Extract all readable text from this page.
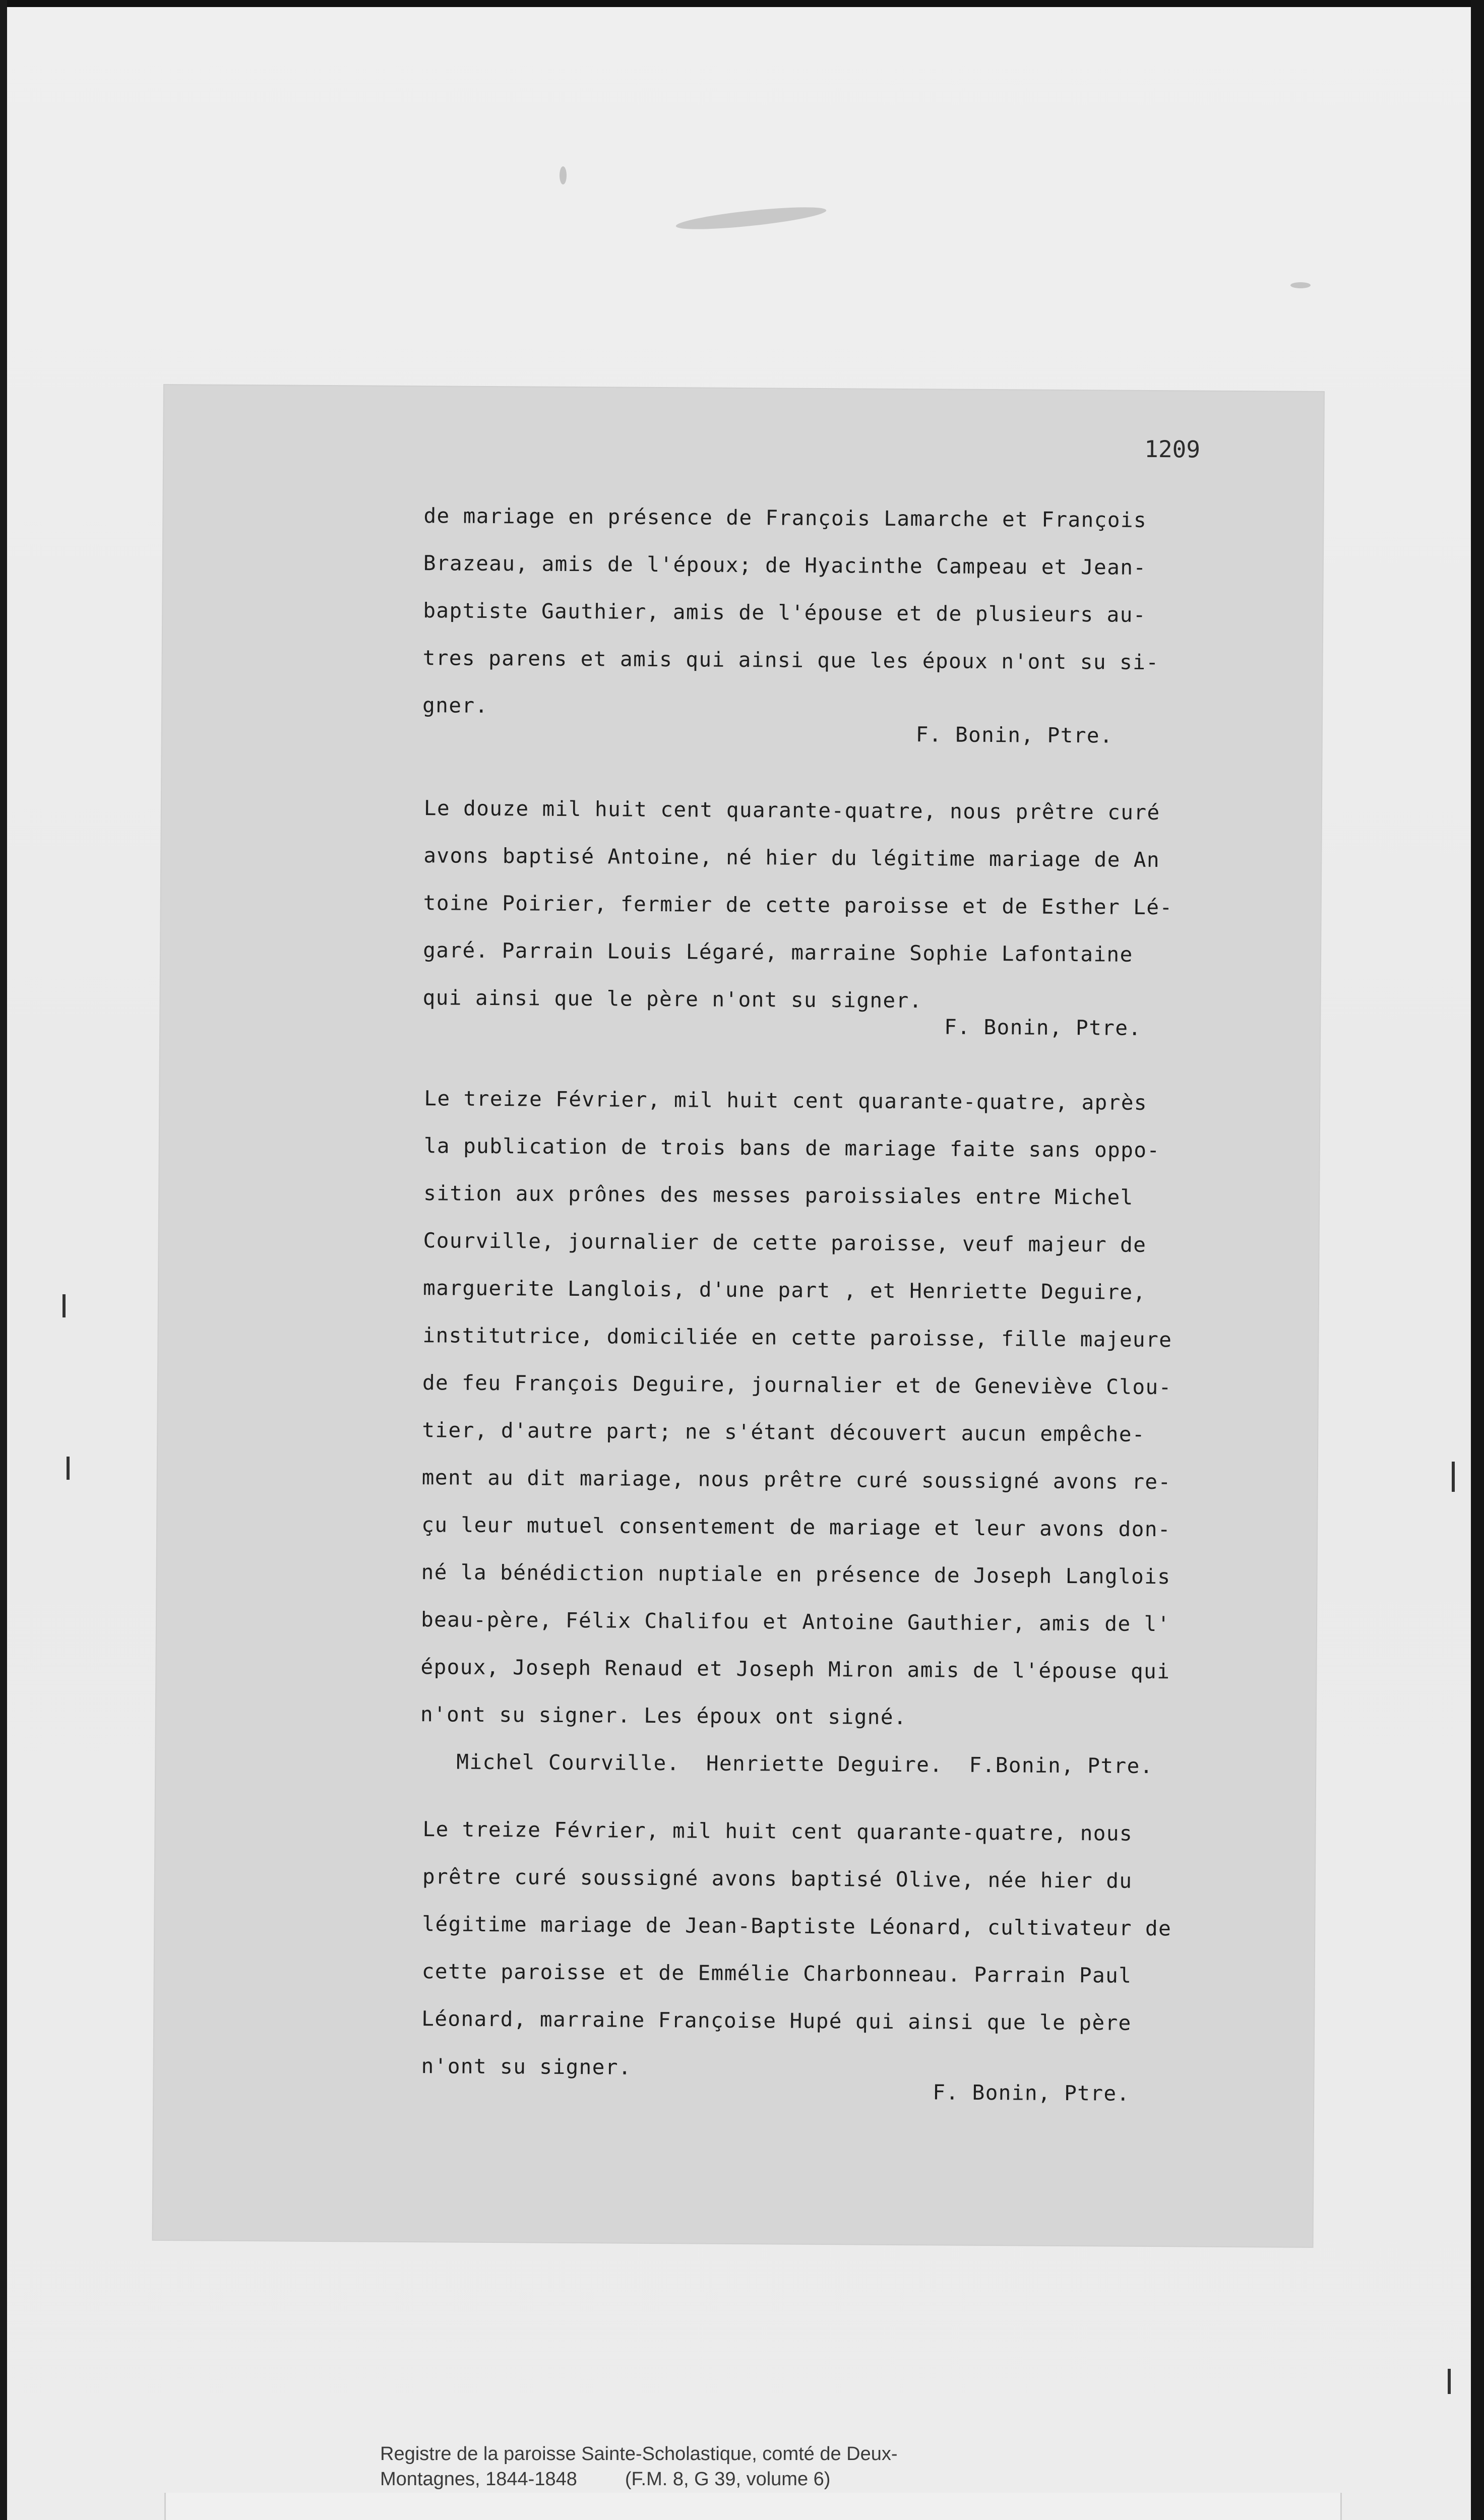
1209
de mariage en présence de François Lamarche et François
Brazeau, amis de l'époux; de Hyacinthe Campeau et Jean-
baptiste Gauthier, amis de l'épouse et de plusieurs au-
tres parens et amis qui ainsi que les époux n'ont su si-
gner.
F. Bonin, Ptre.
Le douze mil huit cent quarante-quatre, nous prêtre curé
avons baptisé Antoine, né hier du légitime mariage de An
toine Poirier, fermier de cette paroisse et de Esther Lé-
garé. Parrain Louis Légaré, marraine Sophie Lafontaine
qui ainsi que le père n'ont su signer.
F. Bonin, Ptre.
Le treize Février, mil huit cent quarante-quatre, après
la publication de trois bans de mariage faite sans oppo-
sition aux prônes des messes paroissiales entre Michel
Courville, journalier de cette paroisse, veuf majeur de
marguerite Langlois, d'une part , et Henriette Deguire,
institutrice, domiciliée en cette paroisse, fille majeure
de feu François Deguire, journalier et de Geneviève Clou-
tier, d'autre part; ne s'étant découvert aucun empêche-
ment au dit mariage, nous prêtre curé soussigné avons re-
çu leur mutuel consentement de mariage et leur avons don-
né la bénédiction nuptiale en présence de Joseph Langlois
beau-père, Félix Chalifou et Antoine Gauthier, amis de l'
époux, Joseph Renaud et Joseph Miron amis de l'épouse qui
n'ont su signer. Les époux ont signé.
Michel Courville.  Henriette Deguire.  F.Bonin, Ptre.
Le treize Février, mil huit cent quarante-quatre, nous
prêtre curé soussigné avons baptisé Olive, née hier du
légitime mariage de Jean-Baptiste Léonard, cultivateur de
cette paroisse et de Emmélie Charbonneau. Parrain Paul
Léonard, marraine Françoise Hupé qui ainsi que le père
n'ont su signer.
F. Bonin, Ptre.
Registre de la paroisse Sainte-Scholastique, comté de Deux-
Montagnes, 1844-1848         (F.M. 8, G 39, volume 6)
